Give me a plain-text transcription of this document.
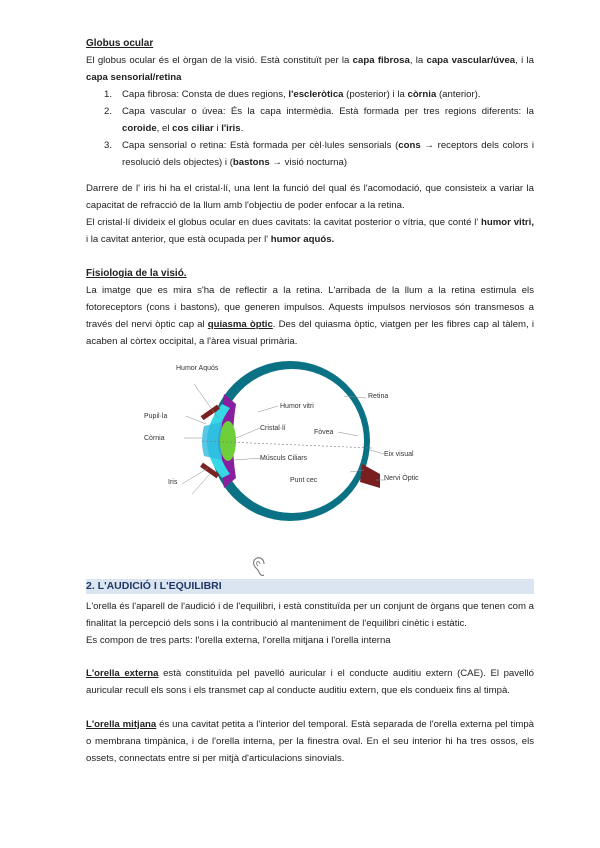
Globus ocular

El globus ocular és el òrgan de la visió. Està constituït per la capa fibrosa, la capa vascular/úvea, i la capa sensorial/retina

1. Capa fibrosa: Consta de dues regions, l'escleròtica (posterior) i la còrnia (anterior).
2. Capa vascular o úvea: És la capa intermèdia. Està formada per tres regions diferents: la coroide, el cos ciliar i l'iris.
3. Capa sensorial o retina: Està formada per cèl·lules sensorials (cons → receptors dels colors i resolució dels objectes) i (bastons → visió nocturna)

Darrere de l' iris hi ha el cristal·lí, una lent la funció del qual és l'acomodació, que consisteix a variar la capacitat de refracció de la llum amb l'objectiu de poder enfocar a la retina.

El cristal·lí divideix el globus ocular en dues cavitats: la cavitat posterior o vítria, que conté l' humor vitri, i la cavitat anterior, que està ocupada per l' humor aquós.

Fisiologia de la visió.

La imatge que es mira s'ha de reflectir a la retina. L'arribada de la llum a la retina estimula els fotoreceptors (cons i bastons), que generen impulsos. Aquests impulsos nerviosos són transmesos a través del nervi òptic cap al quiasma òptic. Des del quiasma òptic, viatgen per les fibres cap al tàlem, i acaben al còrtex occipital, a l'àrea visual primària.

Humor Aquós
Pupil·la
Còrnia
Iris
Humor vitri
Cristal·lí
Músculs Ciliars
Retina
Fòvea
Punt cec
Eix visual
Nervi Òptic
2. L'AUDICIÓ I L'EQUILIBRI

L'orella és l'aparell de l'audició i de l'equilibri, i està constituïda per un conjunt de òrgans que tenen com a finalitat la percepció dels sons i la contribució al manteniment de l'equilibri cinètic i estàtic.

Es compon de tres parts: l'orella externa, l'orella mitjana i l'orella interna

L'orella externa està constituïda pel pavelló auricular i el conducte auditiu extern (CAE). El pavelló auricular recull els sons i els transmet cap al conducte auditiu extern, que els condueix fins al timpà.

L'orella mitjana és una cavitat petita a l'interior del temporal. Està separada de l'orella externa pel timpà o membrana timpànica, i de l'orella interna, per la finestra oval. En el seu interior hi ha tres ossos, els ossets, connectats entre si per mitjà d'articulacions sinovials.
